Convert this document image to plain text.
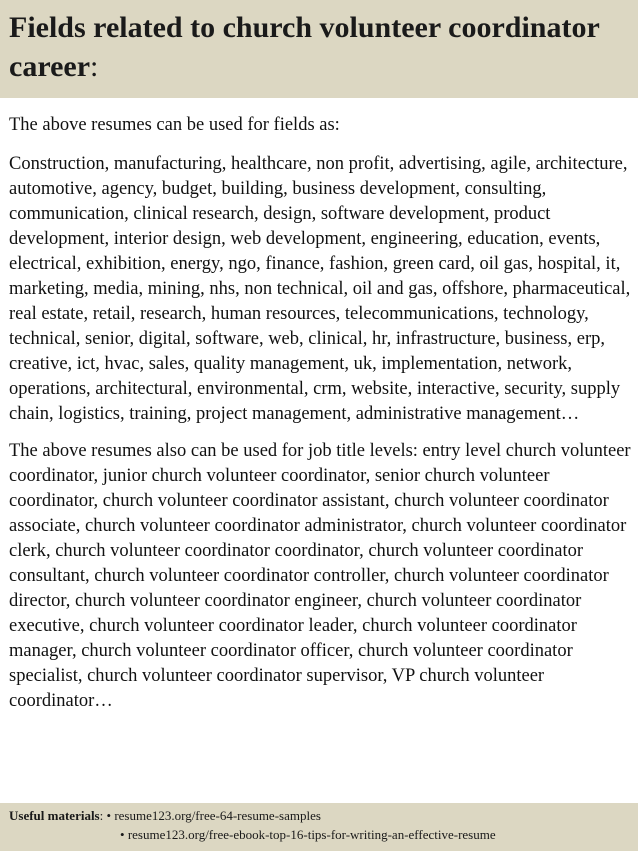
Fields related to church volunteer coordinator career:

The above resumes can be used for fields as:

Construction, manufacturing, healthcare, non profit, advertising, agile, architecture, automotive, agency, budget, building, business development, consulting, communication, clinical research, design, software development, product development, interior design, web development, engineering, education, events, electrical, exhibition, energy, ngo, finance, fashion, green card, oil gas, hospital, it, marketing, media, mining, nhs, non technical, oil and gas, offshore, pharmaceutical, real estate, retail, research, human resources, telecommunications, technology, technical, senior, digital, software, web, clinical, hr, infrastructure, business, erp, creative, ict, hvac, sales, quality management, uk, implementation, network, operations, architectural, environmental, crm, website, interactive, security, supply chain, logistics, training, project management, administrative management…

The above resumes also can be used for job title levels: entry level church volunteer coordinator, junior church volunteer coordinator, senior church volunteer coordinator, church volunteer coordinator assistant, church volunteer coordinator associate, church volunteer coordinator administrator, church volunteer coordinator clerk, church volunteer coordinator coordinator, church volunteer coordinator consultant, church volunteer coordinator controller, church volunteer coordinator director, church volunteer coordinator engineer, church volunteer coordinator executive, church volunteer coordinator leader, church volunteer coordinator manager, church volunteer coordinator officer, church volunteer coordinator specialist, church volunteer coordinator supervisor, VP church volunteer coordinator…

Useful materials: • resume123.org/free-64-resume-samples
• resume123.org/free-ebook-top-16-tips-for-writing-an-effective-resume
